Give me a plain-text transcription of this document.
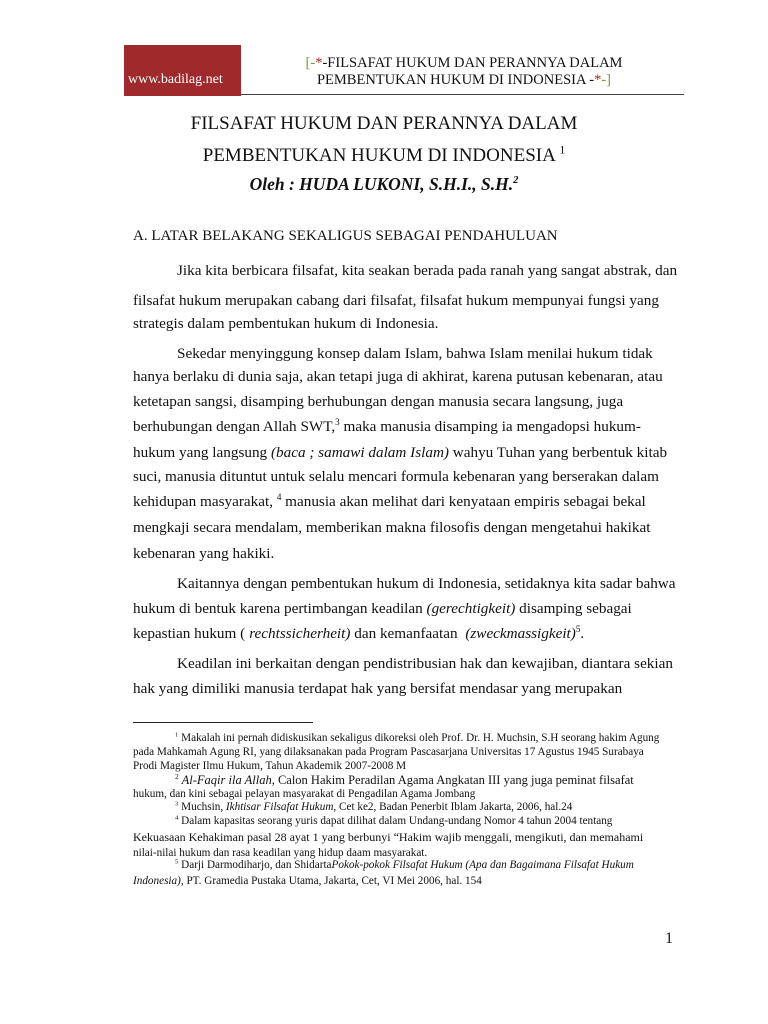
www.badilag.net
[-*-FILSAFAT HUKUM DAN PERANNYA DALAM
PEMBENTUKAN HUKUM DI INDONESIA -*-]
FILSAFAT HUKUM DAN PERANNYA DALAM
PEMBENTUKAN HUKUM DI INDONESIA $^1$
Oleh : HUDA LUKONI, S.H.I., S.H.$^2$
A. LATAR BELAKANG SEKALIGUS SEBAGAI PENDAHULUAN
Jika kita berbicara filsafat, kita seakan berada pada ranah yang sangat abstrak, dan
filsafat hukum merupakan cabang dari filsafat, filsafat hukum mempunyai fungsi yang
strategis dalam pembentukan hukum di Indonesia.
Sekedar menyinggung konsep dalam Islam, bahwa Islam menilai hukum tidak
hanya berlaku di dunia saja, akan tetapi juga di akhirat, karena putusan kebenaran, atau
ketetapan sangsi, disamping berhubungan dengan manusia secara langsung, juga
berhubungan dengan Allah SWT,$^3$ maka manusia disamping ia mengadopsi hukum-
hukum yang langsung (baca ; samawi dalam Islam) wahyu Tuhan yang berbentuk kitab
suci, manusia dituntut untuk selalu mencari formula kebenaran yang berserakan dalam
kehidupan masyarakat, $^4$ manusia akan melihat dari kenyataan empiris sebagai bekal
mengkaji secara mendalam, memberikan makna filosofis dengan mengetahui hakikat
kebenaran yang hakiki.
Kaitannya dengan pembentukan hukum di Indonesia, setidaknya kita sadar bahwa
hukum di bentuk karena pertimbangan keadilan (gerechtigkeit) disamping sebagai
kepastian hukum ( rechtssicherheit) dan kemanfaatan (zweckmassigkeit)$^5$.
Keadilan ini berkaitan dengan pendistribusian hak dan kewajiban, diantara sekian
hak yang dimiliki manusia terdapat hak yang bersifat mendasar yang merupakan
$^1$ Makalah ini pernah didiskusikan sekaligus dikoreksi oleh Prof. Dr. H. Muchsin, S.H seorang hakim Agung
pada Mahkamah Agung RI, yang dilaksanakan pada Program Pascasarjana Universitas 17 Agustus 1945 Surabaya
Prodi Magister Ilmu Hukum, Tahun Akademik 2007-2008 M
$^2$ Al-Faqir ila Allah, Calon Hakim Peradilan Agama Angkatan III yang juga peminat filsafat
hukum, dan kini sebagai pelayan masyarakat di Pengadilan Agama Jombang
$^3$ Muchsin, Ikhtisar Filsafat Hukum, Cet ke2, Badan Penerbit Iblam Jakarta, 2006, hal.24
$^4$ Dalam kapasitas seorang yuris dapat dilihat dalam Undang-undang Nomor 4 tahun 2004 tentang
Kekuasaan Kehakiman pasal 28 ayat 1 yang berbunyi “Hakim wajib menggali, mengikuti, dan memahami
nilai-nilai hukum dan rasa keadilan yang hidup daam masyarakat.
$^5$ Darji Darmodiharjo, dan ShidartaPokok-pokok Filsafat Hukum (Apa dan Bagaimana Filsafat Hukum
Indonesia), PT. Gramedia Pustaka Utama, Jakarta, Cet, VI Mei 2006, hal. 154
1
